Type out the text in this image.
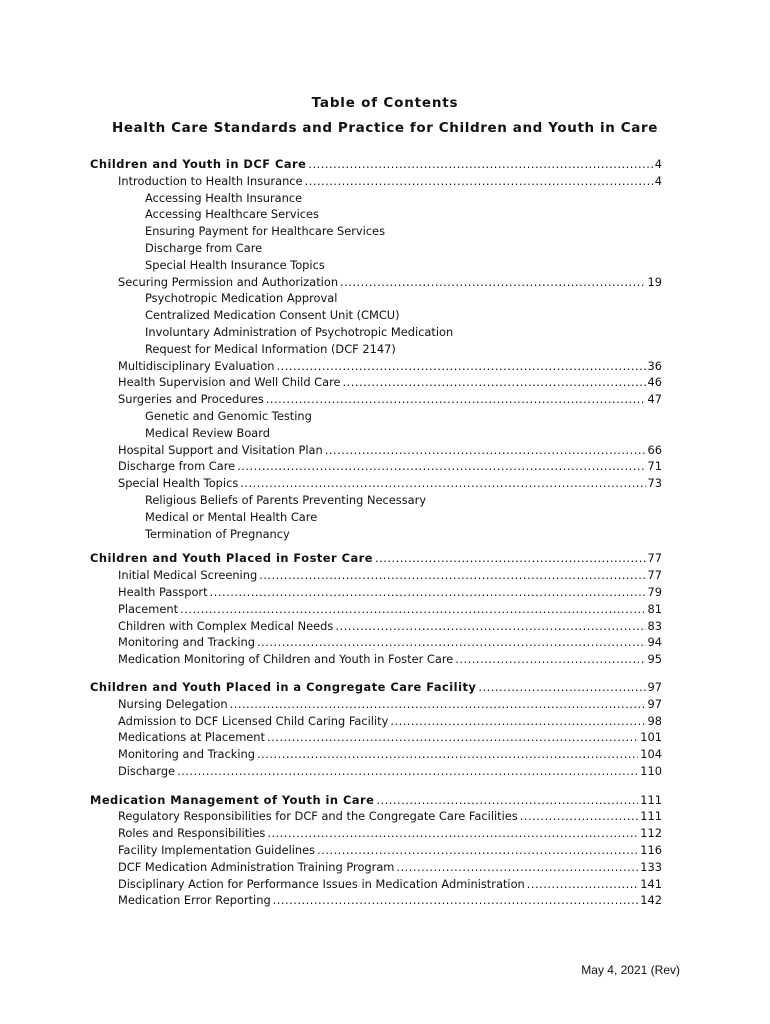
Table of Contents
Health Care Standards and Practice for Children and Youth in Care
Children and Youth in DCF Care .....	4
Introduction to Health Insurance .....	4
Accessing Health Insurance
Accessing Healthcare Services
Ensuring Payment for Healthcare Services
Discharge from Care
Special Health Insurance Topics
Securing Permission and Authorization .....	19
Psychotropic Medication Approval
Centralized Medication Consent Unit (CMCU)
Involuntary Administration of Psychotropic Medication
Request for Medical Information (DCF 2147)
Multidisciplinary Evaluation .....	36
Health Supervision and Well Child Care .....	46
Surgeries and Procedures .....	47
Genetic and Genomic Testing
Medical Review Board
Hospital Support and Visitation Plan .....	66
Discharge from Care .....	71
Special Health Topics .....	73
Religious Beliefs of Parents Preventing Necessary
Medical or Mental Health Care
Termination of Pregnancy
Children and Youth Placed in Foster Care .....	77
Initial Medical Screening .....	77
Health Passport .....	79
Placement .....	81
Children with Complex Medical Needs .....	83
Monitoring and Tracking .....	94
Medication Monitoring of Children and Youth in Foster Care .....	95
Children and Youth Placed in a Congregate Care Facility .....	97
Nursing Delegation .....	97
Admission to DCF Licensed Child Caring Facility .....	98
Medications at Placement .....	101
Monitoring and Tracking .....	104
Discharge .....	110
Medication Management of Youth in Care .....	111
Regulatory Responsibilities for DCF and the Congregate Care Facilities .....	111
Roles and Responsibilities .....	112
Facility Implementation Guidelines .....	116
DCF Medication Administration Training Program .....	133
Disciplinary Action for Performance Issues in Medication Administration .....	141
Medication Error Reporting .....	142
May 4, 2021 (Rev)
